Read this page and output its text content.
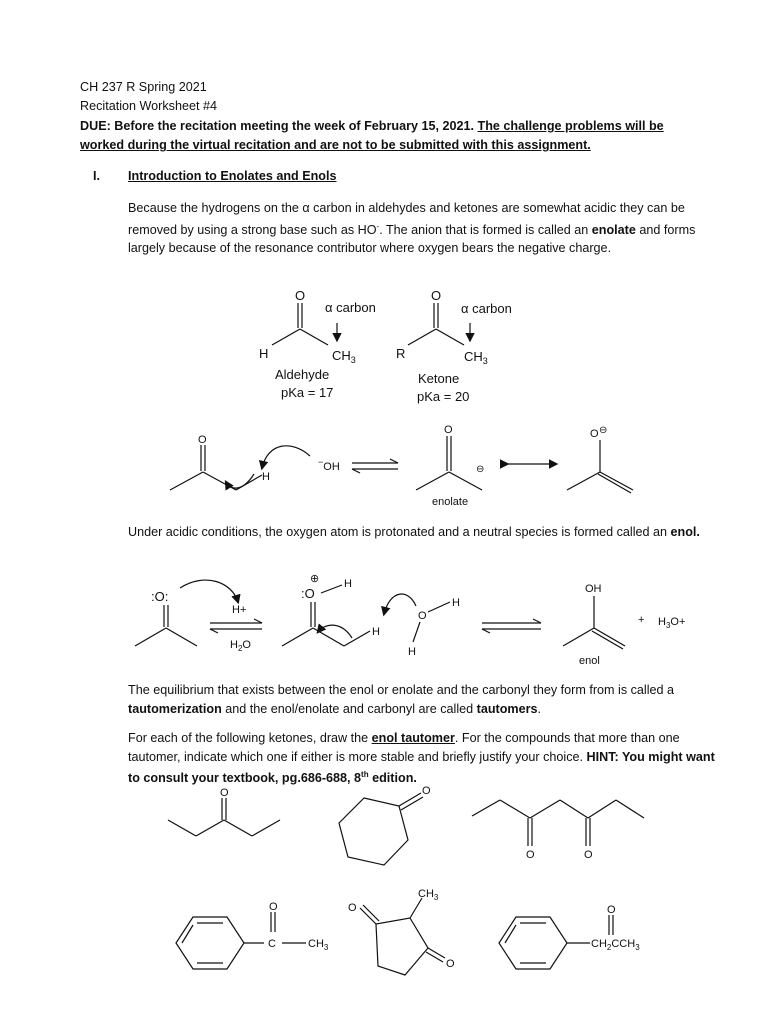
CH 237 R Spring 2021
Recitation Worksheet #4
DUE: Before the recitation meeting the week of February 15, 2021. The challenge problems will be
worked during the virtual recitation and are not to be submitted with this assignment.
I. Introduction to Enolates and Enols
Because the hydrogens on the α carbon in aldehydes and ketones are somewhat acidic they can be removed by using a strong base such as HO-. The anion that is formed is called an enolate and forms largely because of the resonance contributor where oxygen bears the negative charge.
Under acidic conditions, the oxygen atom is protonated and a neutral species is formed called an enol.
The equilibrium that exists between the enol or enolate and the carbonyl they form from is called a tautomerization and the enol/enolate and carbonyl are called tautomers.
For each of the following ketones, draw the enol tautomer. For the compounds that more than one tautomer, indicate which one if either is more stable and briefly justify your choice. HINT: You might want to consult your textbook, pg.686-688, 8th edition.
O
H
α carbon
$CH_3$
Aldehyde
pKa = 17
O
R
α carbon
$CH_3$
Ketone
pKa = 20
O
H
−OH
O
⊖
enolate
O ⊖
:O:
H+
$H_2O$
⊕
:O
H
H
O
H
H
OH
+ $H_3O+$
enol
O	O
O	O
O
C	$CH_3$
$CH_3$
O
O
O
$CH_2CCH_3$
